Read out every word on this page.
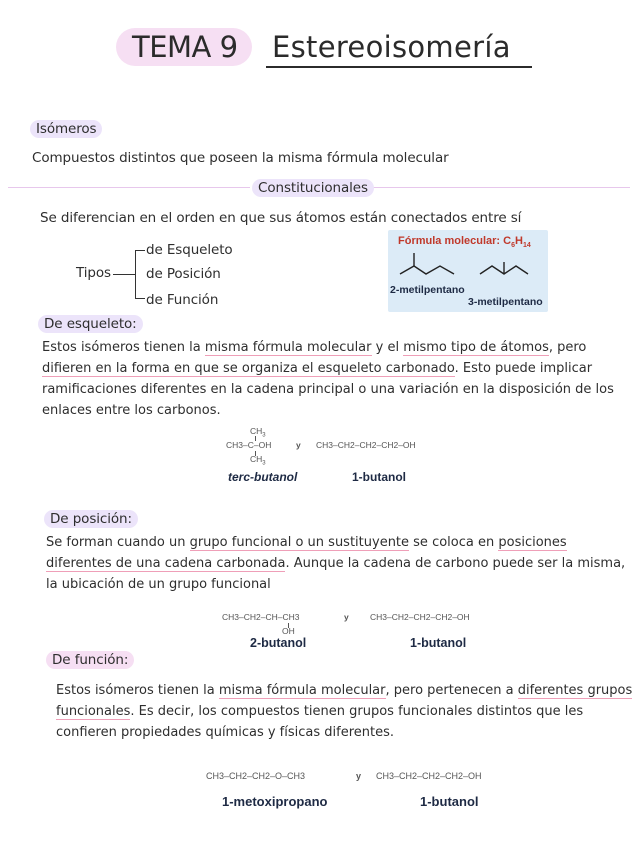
TEMA 9	Estereoisomería
Isómeros
Compuestos distintos que poseen la misma fórmula molecular
Constitucionales
Se diferencian en el orden en que sus átomos están conectados entre sí
Tipos
de Esqueleto
de Posición
de Función
Fórmula molecular: $C_6H_{14}$
2-metilpentano
3-metilpentano
De esqueleto:
Estos isómeros tienen la misma fórmula molecular y el mismo tipo de átomos, pero
difieren en la forma en que se organiza el esqueleto carbonado. Esto puede implicar
ramificaciones diferentes en la cadena principal o una variación en la disposición de los
enlaces entre los carbonos.
$CH_3$
CH3–C–OH
$CH_3$
y CH3–CH2–CH2–CH2–OH
terc-butanol	1-butanol
De posición:
Se forman cuando un grupo funcional o un sustituyente se coloca en posiciones
diferentes de una cadena carbonada. Aunque la cadena de carbono puede ser la misma,
la ubicación de un grupo funcional
CH3–CH2–CH–CH3
OH
y	CH3–CH2–CH2–CH2–OH
2-butanol	1-butanol
De función:
Estos isómeros tienen la misma fórmula molecular, pero pertenecen a diferentes grupos
funcionales. Es decir, los compuestos tienen grupos funcionales distintos que les
confieren propiedades químicas y físicas diferentes.
CH3–CH2–CH2–O–CH3	y CH3–CH2–CH2–CH2–OH
1-metoxipropano	1-butanol
